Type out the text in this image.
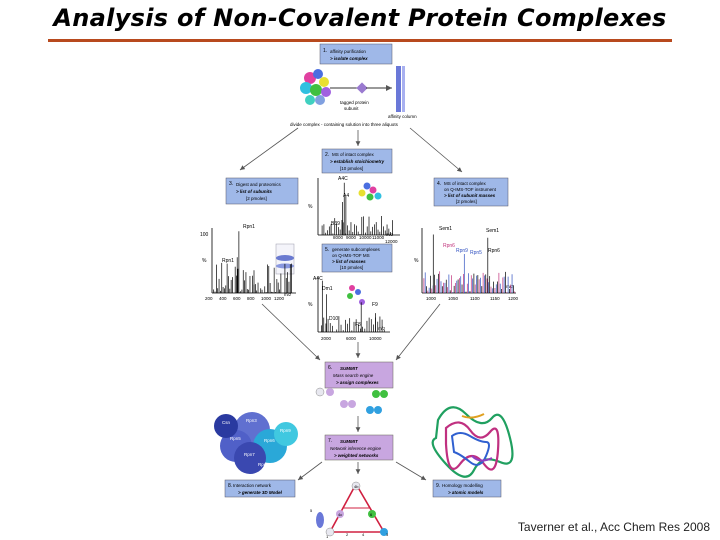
Analysis of Non-Covalent Protein Complexes
1. affinity purification
> isolate complex
tagged protein
subunit
affinity column
divide complex - containing solution into three aliquots
2. MS of intact complex
> establish stoichiometry
[10 pmoles]
%
m/z
8000 9000 10000 11000
12000
A4C
A4
B39
3. Digest and proteomics
> list of subunits
[2 pmoles]
4. MS of intact complex
on Q-IMS-TOF instrument
> list of subunit masses
[2 pmoles]
100
%
m/z
Rpn1
Rpn1
200 400 600 800 1000 1200
%
m/z
Sem1	Sem1
Rpn6
Rpn9 Rpn5 Rpn6
1000	1050	1100 1150 1200
5. generate subcomplexes
on Q-IMS-TOF MS
> list of masses
[10 pmoles]
%
m/z
A4C
Dm1
D10
F9
F8
2000	6000	10000
6. SUMMIT
Mass search engine
> assign complexes
7. SUMMIT
Network inference engine
> weighted networks
Rpn3
Rpn5	Rpn6
Rpn7
Rpn9
Csn
Rpn
8. Interaction network
> generate 3D Model
9. Homology modelling
> atomic models
4b
5
4c	6
1	2	4	3
Taverner et al., Acc Chem Res 2008
